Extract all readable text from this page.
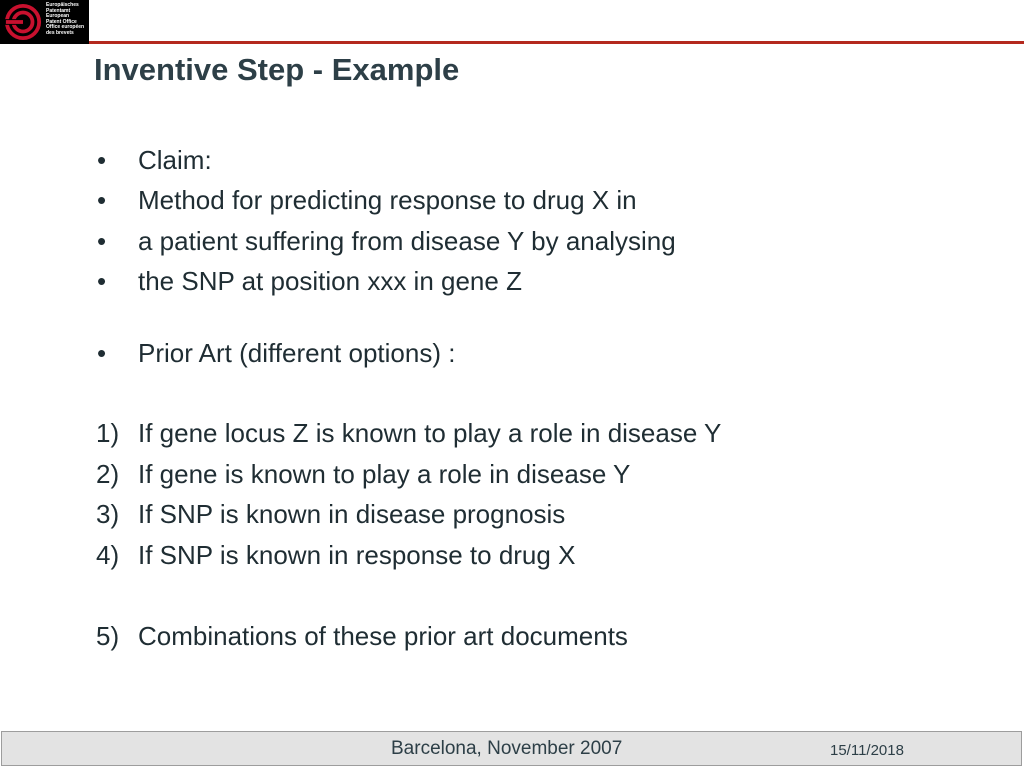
Europäisches
Patentamt
European
Patent Office
Office européen
des brevets
Inventive Step - Example
•	Claim:
•	Method for predicting response to drug X in
•	a patient suffering from disease Y by analysing
•	the SNP at position xxx in gene Z
•	Prior Art (different options) :
1) If gene locus Z is known to play a role in disease Y
2) If gene is known to play a role in disease Y
3) If SNP is known in disease prognosis
4) If SNP is known in response to drug X
5) Combinations of these prior art documents
Barcelona, November 2007	15/11/2018
